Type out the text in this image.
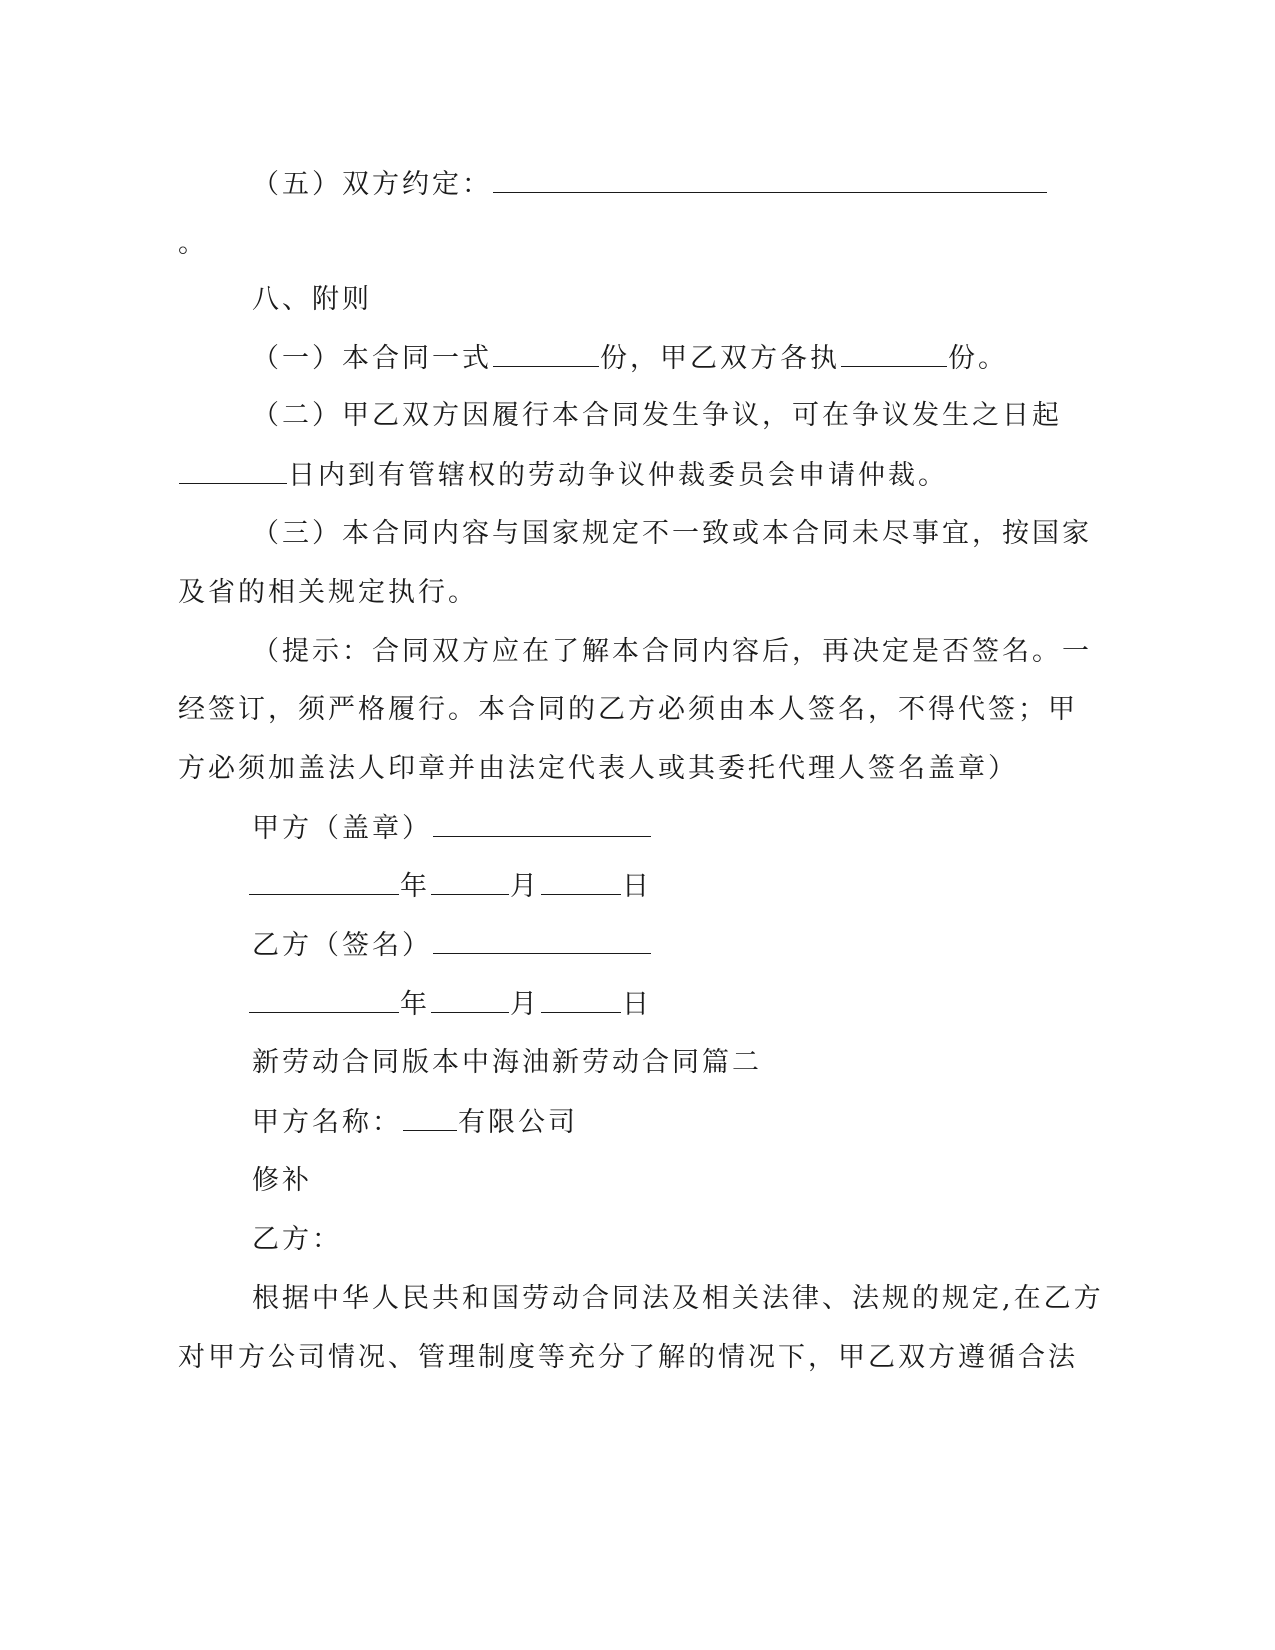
（五）双方约定：
。
八、附则
（一）本合同一式	份，甲乙双方各执	份。
（二）甲乙双方因履行本合同发生争议，可在争议发生之日起
日内到有管辖权的劳动争议仲裁委员会申请仲裁。
（三）本合同内容与国家规定不一致或本合同未尽事宜，按国家
及省的相关规定执行。
（提示：合同双方应在了解本合同内容后，再决定是否签名。一
经签订，须严格履行。本合同的乙方必须由本人签名，不得代签；甲
方必须加盖法人印章并由法定代表人或其委托代理人签名盖章）
甲方（盖章）
年	月	日
乙方（签名）
年	月	日
新劳动合同版本中海油新劳动合同篇二
甲方名称： 有限公司
修补
乙方：
根据中华人民共和国劳动合同法及相关法律、法规的规定,在乙方
对甲方公司情况、管理制度等充分了解的情况下，甲乙双方遵循合法
